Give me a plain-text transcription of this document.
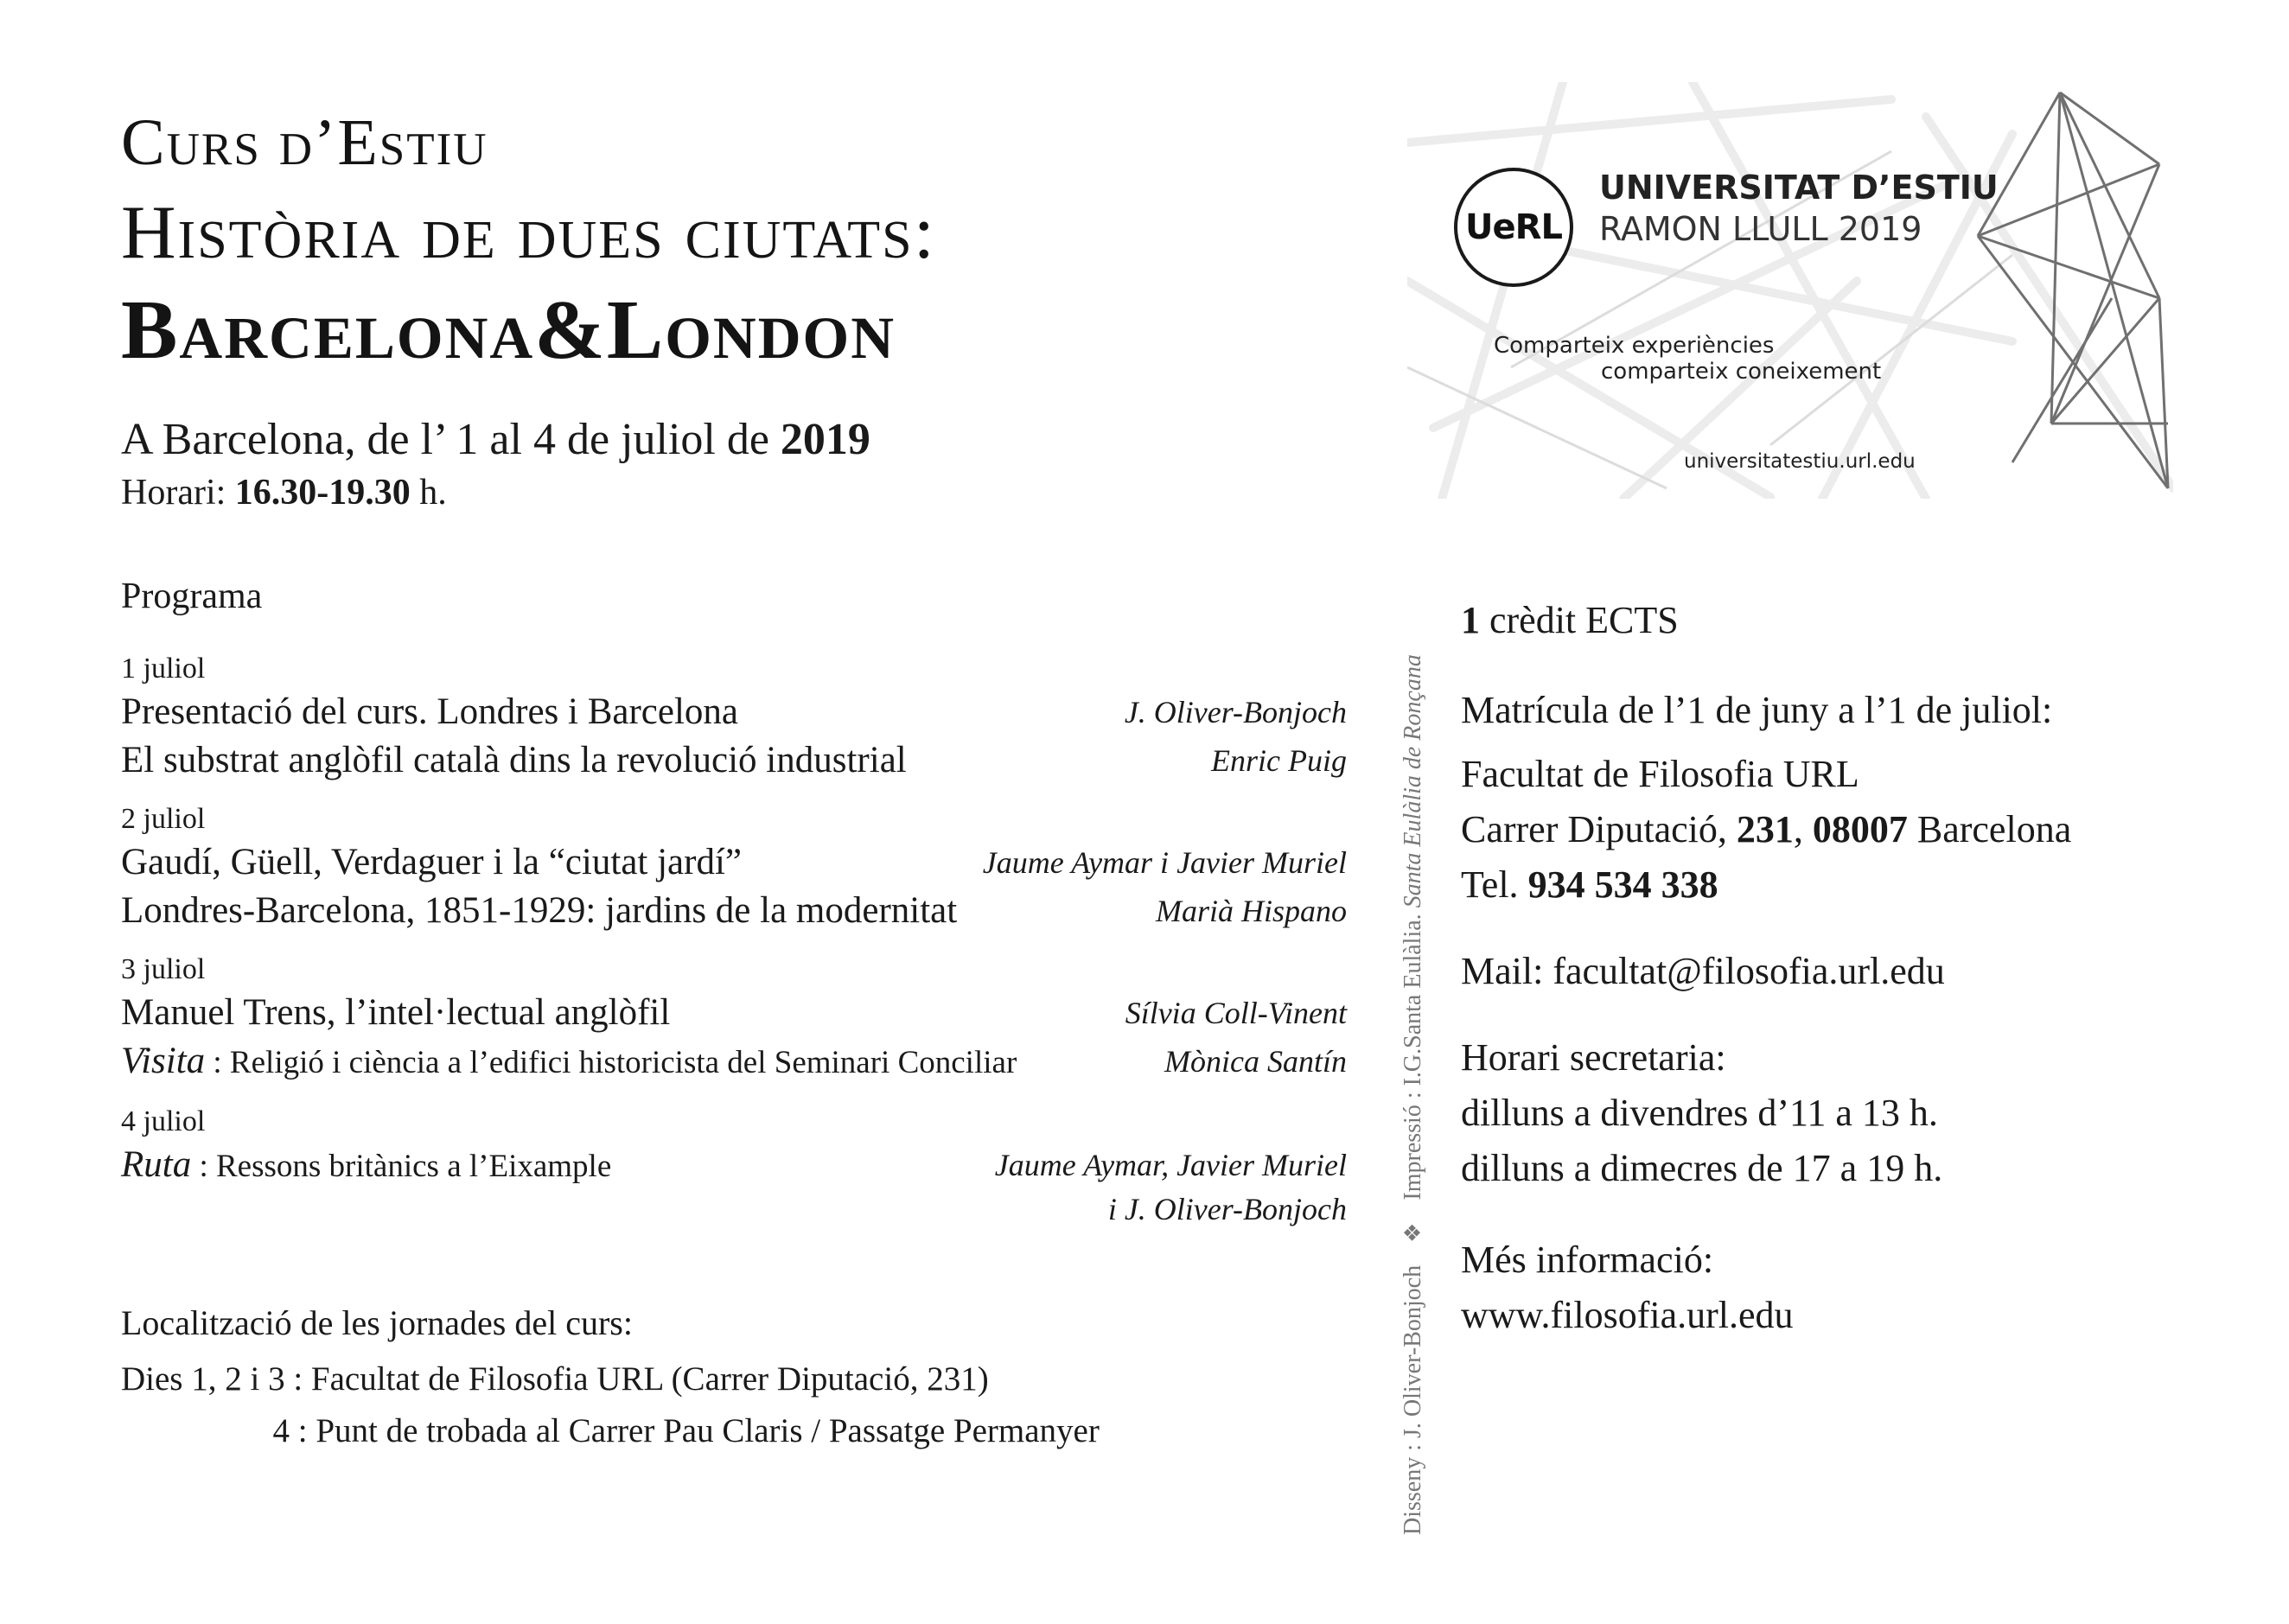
Curs d’Estiu
Història de dues ciutats:
Barcelona&London
A Barcelona, de l’ 1 al 4 de juliol de 2019
Horari: 16.30-19.30 h.
Programa
1 juliol
Presentació del curs. Londres i Barcelona	J. Oliver-Bonjoch
El substrat anglòfil català dins la revolució industrial	Enric Puig
2 juliol
Gaudí, Güell, Verdaguer i la “ciutat jardí”	Jaume Aymar i Javier Muriel
Londres-Barcelona, 1851-1929: jardins de la modernitat	Marià Hispano
3 juliol
Manuel Trens, l’intel·lectual anglòfil	Sílvia Coll-Vinent
Visita : Religió i ciència a l’edifici historicista del Seminari Conciliar	Mònica Santín
4 juliol
Ruta : Ressons britànics a l’Eixample	Jaume Aymar, Javier Muriel
i J. Oliver-Bonjoch
Localització de les jornades del curs:
Dies 1, 2 i 3 : Facultat de Filosofia URL (Carrer Diputació, 231)
4 : Punt de trobada al Carrer Pau Claris / Passatge Permanyer	Disseny : J. Oliver-Bonjoch❖Impressió : I.G.Santa Eulàlia. Santa Eulàlia de Ronçana
UeRL
UNIVERSITAT D’ESTIU
RAMON LLULL 2019
Comparteix experiències
comparteix coneixement
universitatestiu.url.edu
1 crèdit ECTS
Matrícula de l’1 de juny a l’1 de juliol:
Facultat de Filosofia URL
Carrer Diputació, 231, 08007 Barcelona
Tel. 934 534 338
Mail: facultat@filosofia.url.edu
Horari secretaria:
dilluns a divendres d’11 a 13 h.
dilluns a dimecres de 17 a 19 h.
Més informació:
www.filosofia.url.edu
